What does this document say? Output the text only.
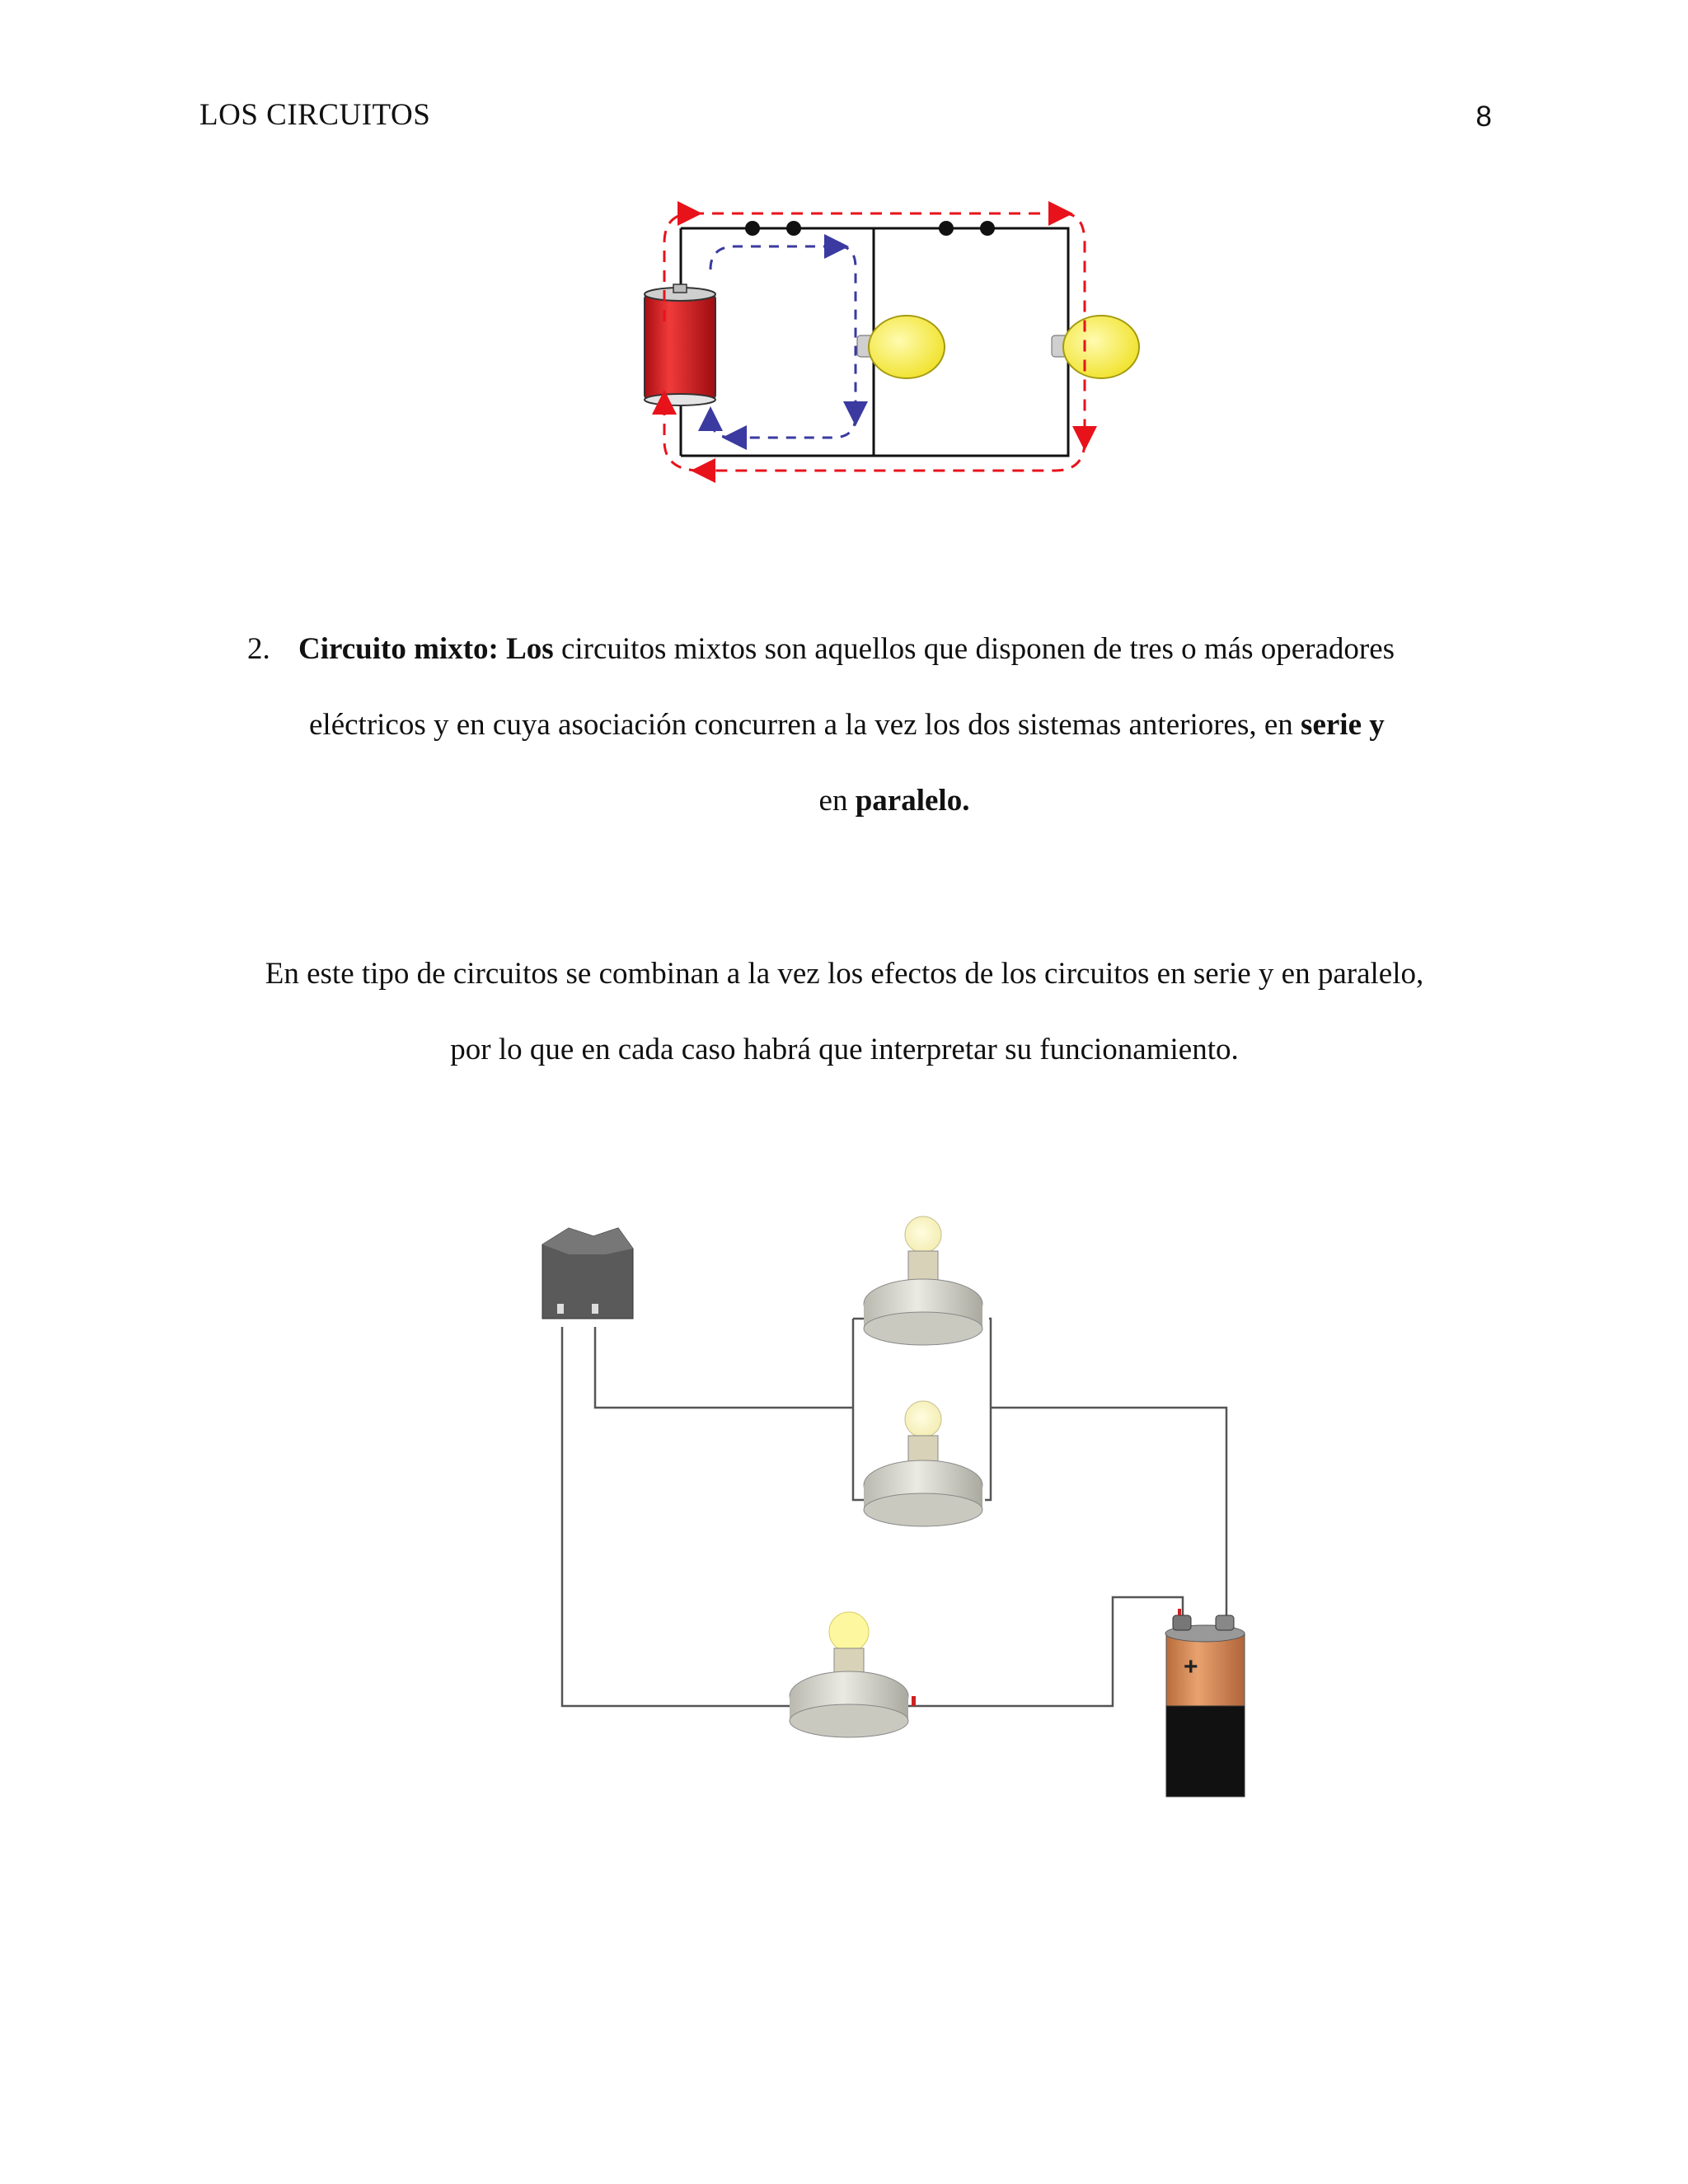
LOS CIRCUITOS	8
2. Circuito mixto: Los circuitos mixtos son aquellos que disponen de tres o más operadores
eléctricos y en cuya asociación concurren a la vez los dos sistemas anteriores, en serie y
en paralelo.
En este tipo de circuitos se combinan a la vez los efectos de los circuitos en serie y en paralelo,
por lo que en cada caso habrá que interpretar su funcionamiento.
+
